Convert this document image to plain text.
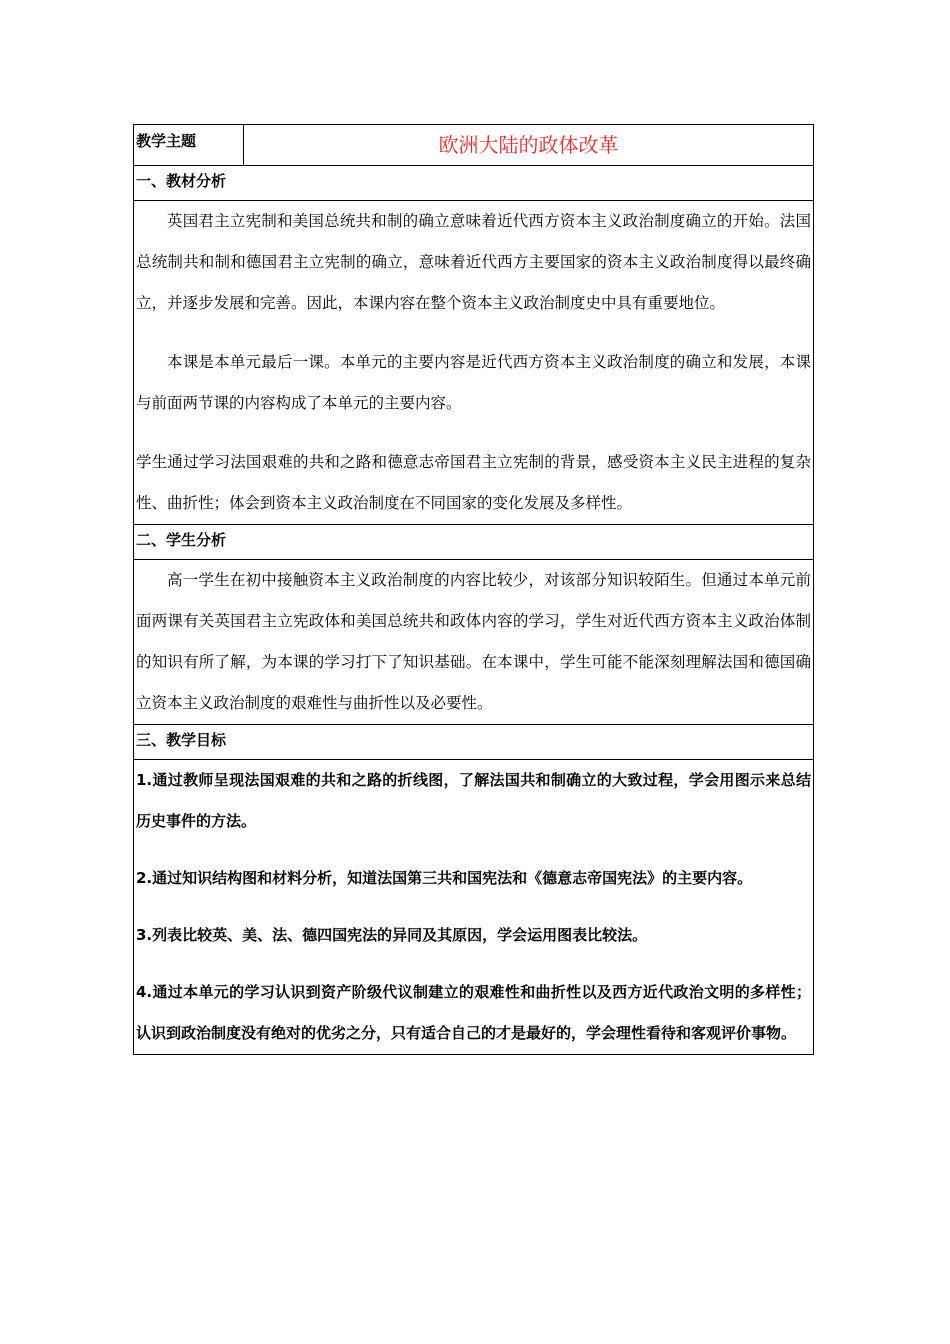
教学主题	欧洲大陆的政体改革
一、教材分析

英国君主立宪制和美国总统共和制的确立意味着近代西方资本主义政治制度确立的开始。法国总统制共和制和德国君主立宪制的确立，意味着近代西方主要国家的资本主义政治制度得以最终确立，并逐步发展和完善。因此，本课内容在整个资本主义政治制度史中具有重要地位。

本课是本单元最后一课。本单元的主要内容是近代西方资本主义政治制度的确立和发展，本课与前面两节课的内容构成了本单元的主要内容。

学生通过学习法国艰难的共和之路和德意志帝国君主立宪制的背景，感受资本主义民主进程的复杂性、曲折性；体会到资本主义政治制度在不同国家的变化发展及多样性。

二、学生分析

高一学生在初中接触资本主义政治制度的内容比较少，对该部分知识较陌生。但通过本单元前面两课有关英国君主立宪政体和美国总统共和政体内容的学习，学生对近代西方资本主义政治体制的知识有所了解，为本课的学习打下了知识基础。在本课中，学生可能不能深刻理解法国和德国确立资本主义政治制度的艰难性与曲折性以及必要性。

三、教学目标

1.通过教师呈现法国艰难的共和之路的折线图，了解法国共和制确立的大致过程，学会用图示来总结历史事件的方法。

2.通过知识结构图和材料分析，知道法国第三共和国宪法和《德意志帝国宪法》的主要内容。

3.列表比较英、美、法、德四国宪法的异同及其原因，学会运用图表比较法。

4.通过本单元的学习认识到资产阶级代议制建立的艰难性和曲折性以及西方近代政治文明的多样性；认识到政治制度没有绝对的优劣之分，只有适合自己的才是最好的，学会理性看待和客观评价事物。
